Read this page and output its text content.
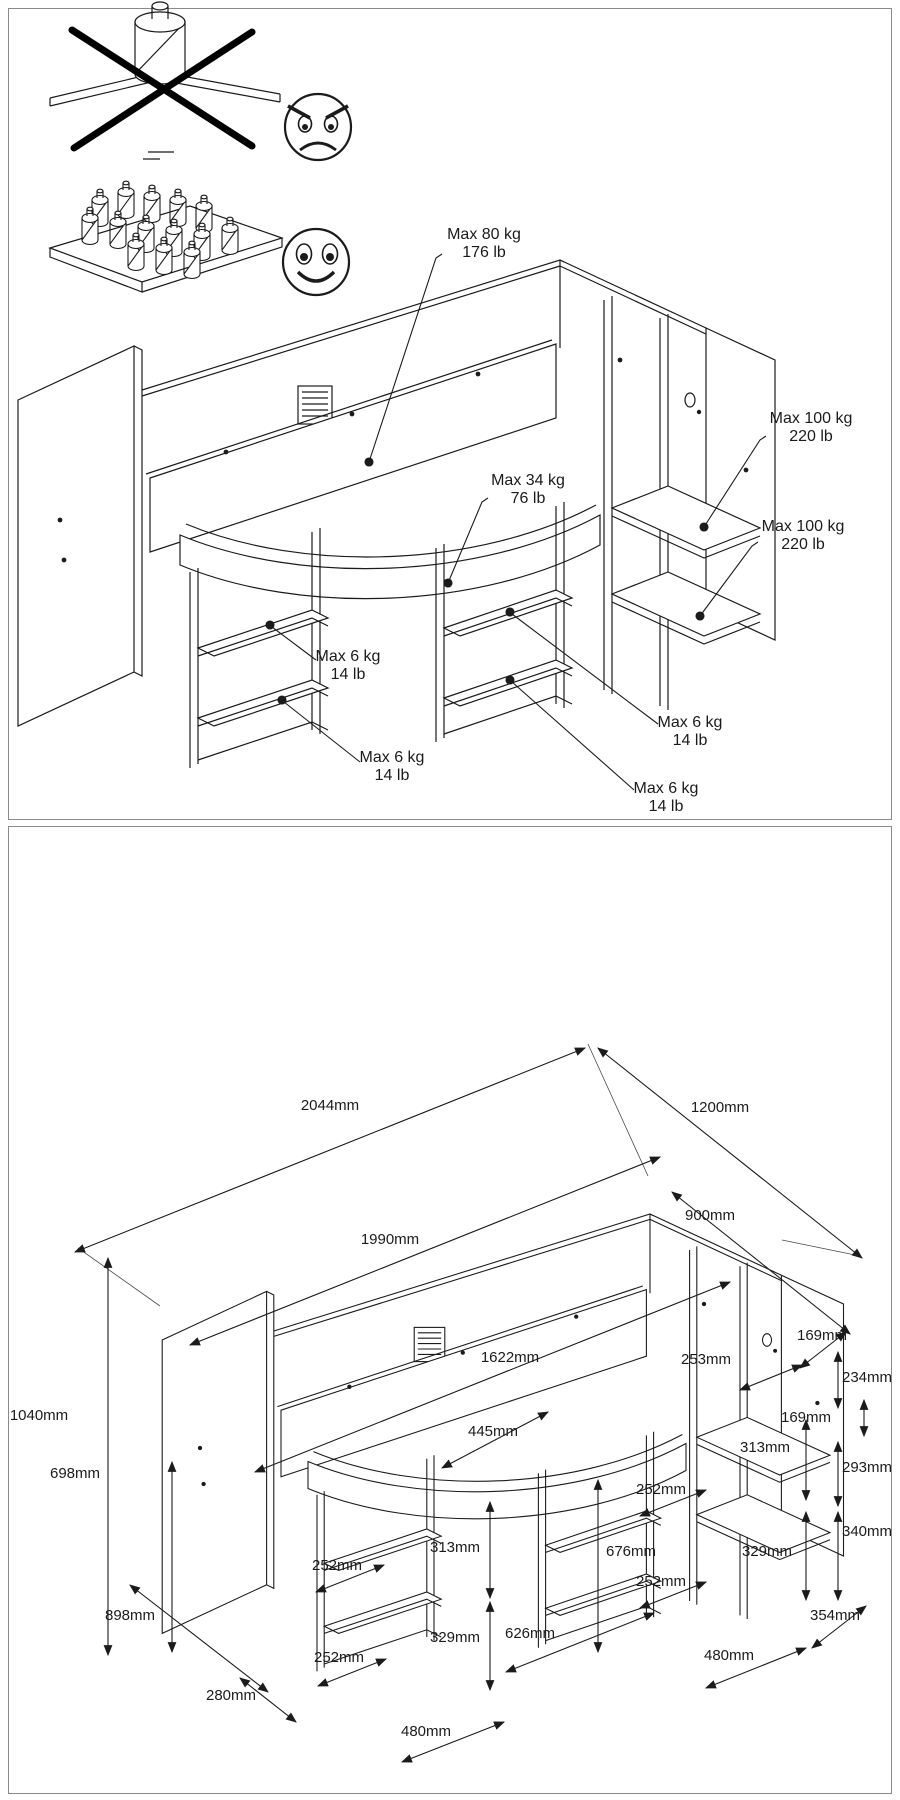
Max 80 kg
176 lb
Max 34 kg
76 lb
Max 100 kg
220 lb
Max 100 kg
220 lb
Max 6 kg
14 lb
Max 6 kg
14 lb
Max 6 kg
14 lb
Max 6 kg
14 lb
2044mm	1200mm
1990mm
900mm
1040mm
698mm
898mm
280mm
1622mm	253mm
445mm
169mm
234mm
169mm
293mm
313mm
252mm
340mm
676mm	329mm
252mm
354mm
480mm
313mm
329mm	626mm
252mm
252mm
480mm
